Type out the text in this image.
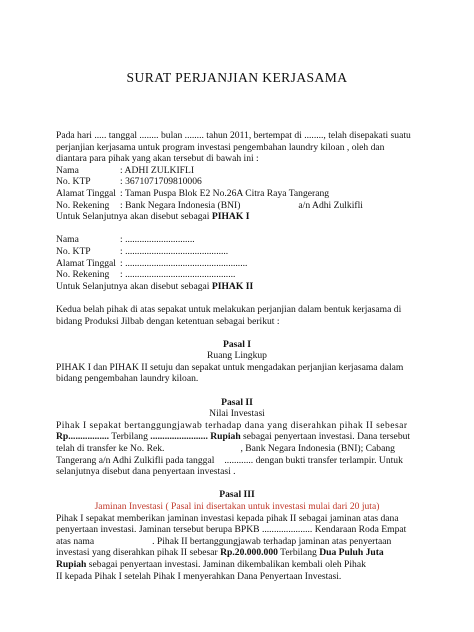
SURAT PERJANJIAN KERJASAMA
Pada hari ..... tanggal ........ bulan ........ tahun 2011, bertempat di ........, telah disepakati suatu
perjanjian kerjasama untuk program investasi pengembahan laundry kiloan , oleh dan
diantara para pihak yang akan tersebut di bawah ini :
Nama	: ADHI ZULKIFLI
No. KTP	: 3671071709810006
Alamat Tinggal : Taman Puspa Blok E2 No.26A Citra Raya Tangerang
No. Rekening	: Bank Negara Indonesia (BNI)	a/n Adhi Zulkifli
Untuk Selanjutnya akan disebut sebagai PIHAK I
Nama	: .............................
No. KTP	: ...........................................
Alamat Tinggal : ...................................................
No. Rekening	: ..............................................
Untuk Selanjutnya akan disebut sebagai PIHAK II
Kedua belah pihak di atas sepakat untuk melakukan perjanjian dalam bentuk kerjasama di
bidang Produksi Jilbab dengan ketentuan sebagai berikut :
Pasal I
Ruang Lingkup
PIHAK I dan PIHAK II setuju dan sepakat untuk mengadakan perjanjian kerjasama dalam
bidang pengembahan laundry kiloan.
Pasal II
Nilai Investasi
Pihak I sepakat bertanggungjawab terhadap dana yang diserahkan pihak II sebesar
Rp................. Terbilang ........................ Rupiah sebagai penyertaan investasi. Dana tersebut
telah di transfer ke No. Rek.	, Bank Negara Indonesia (BNI); Cabang
Tangerang a/n Adhi Zulkifli pada tanggal ............ dengan bukti transfer terlampir. Untuk
selanjutnya disebut dana penyertaan investasi .
Pasal III
Jaminan Investasi ( Pasal ini disertakan untuk investasi mulai dari 20 juta)
Pihak I sepakat memberikan jaminan investasi kepada pihak II sebagai jaminan atas dana
penyertaan investasi. Jaminan tersebut berupa BPKB ..................... Kendaraan Roda Empat
atas nama	. Pihak II bertanggungjawab terhadap jaminan atas penyertaan
investasi yang diserahkan pihak II sebesar Rp.20.000.000 Terbilang Dua Puluh Juta
Rupiah sebagai penyertaan investasi. Jaminan dikembalikan kembali oleh Pihak
II kepada Pihak I setelah Pihak I menyerahkan Dana Penyertaan Investasi.
